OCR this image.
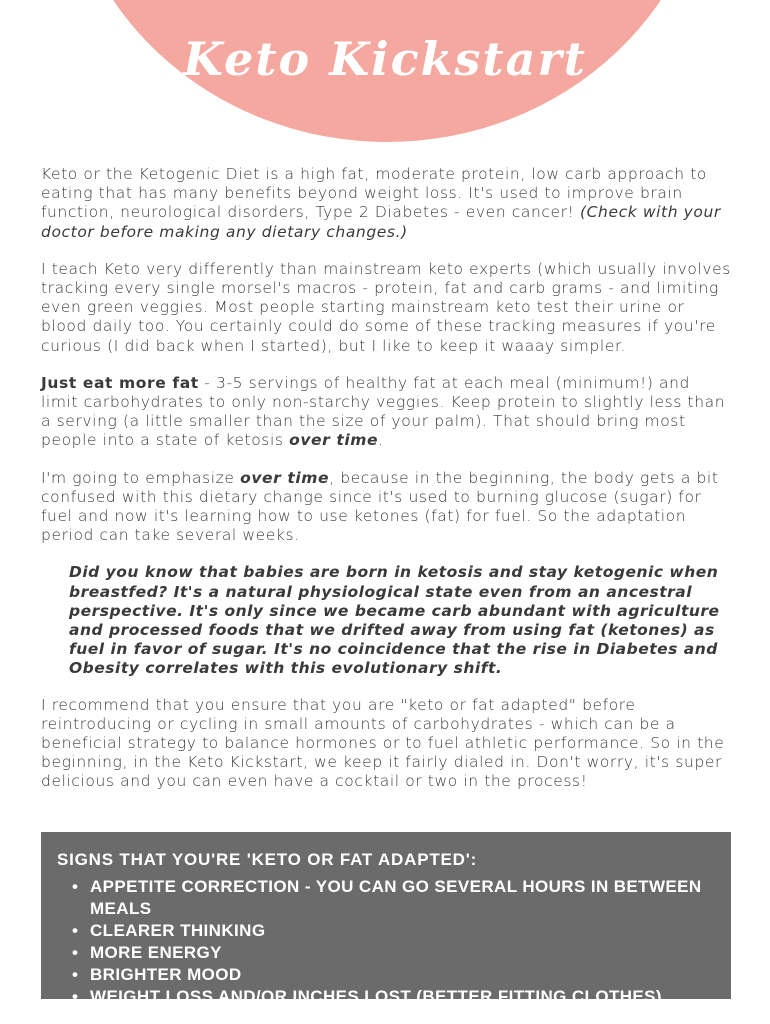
Keto Kickstart

Keto or the Ketogenic Diet is a high fat, moderate protein, low carb approach to eating that has many benefits beyond weight loss. It's used to improve brain function, neurological disorders, Type 2 Diabetes - even cancer! (Check with your doctor before making any dietary changes.)

I teach Keto very differently than mainstream keto experts (which usually involves tracking every single morsel's macros - protein, fat and carb grams - and limiting even green veggies. Most people starting mainstream keto test their urine or blood daily too. You certainly could do some of these tracking measures if you're curious (I did back when I started), but I like to keep it waaay simpler.

Just eat more fat - 3-5 servings of healthy fat at each meal (minimum!) and limit carbohydrates to only non-starchy veggies. Keep protein to slightly less than a serving (a little smaller than the size of your palm). That should bring most people into a state of ketosis over time.

I'm going to emphasize over time, because in the beginning, the body gets a bit confused with this dietary change since it's used to burning glucose (sugar) for fuel and now it's learning how to use ketones (fat) for fuel. So the adaptation period can take several weeks.

Did you know that babies are born in ketosis and stay ketogenic when breastfed? It's a natural physiological state even from an ancestral perspective. It's only since we became carb abundant with agriculture and processed foods that we drifted away from using fat (ketones) as fuel in favor of sugar. It's no coincidence that the rise in Diabetes and Obesity correlates with this evolutionary shift.

I recommend that you ensure that you are "keto or fat adapted" before reintroducing or cycling in small amounts of carbohydrates - which can be a beneficial strategy to balance hormones or to fuel athletic performance. So in the beginning, in the Keto Kickstart, we keep it fairly dialed in. Don't worry, it's super delicious and you can even have a cocktail or two in the process!

SIGNS THAT YOU'RE 'KETO OR FAT ADAPTED':
• APPETITE CORRECTION - YOU CAN GO SEVERAL HOURS IN BETWEEN MEALS
• CLEARER THINKING
• MORE ENERGY
• BRIGHTER MOOD
• WEIGHT LOSS AND/OR INCHES LOST (BETTER FITTING CLOTHES)
